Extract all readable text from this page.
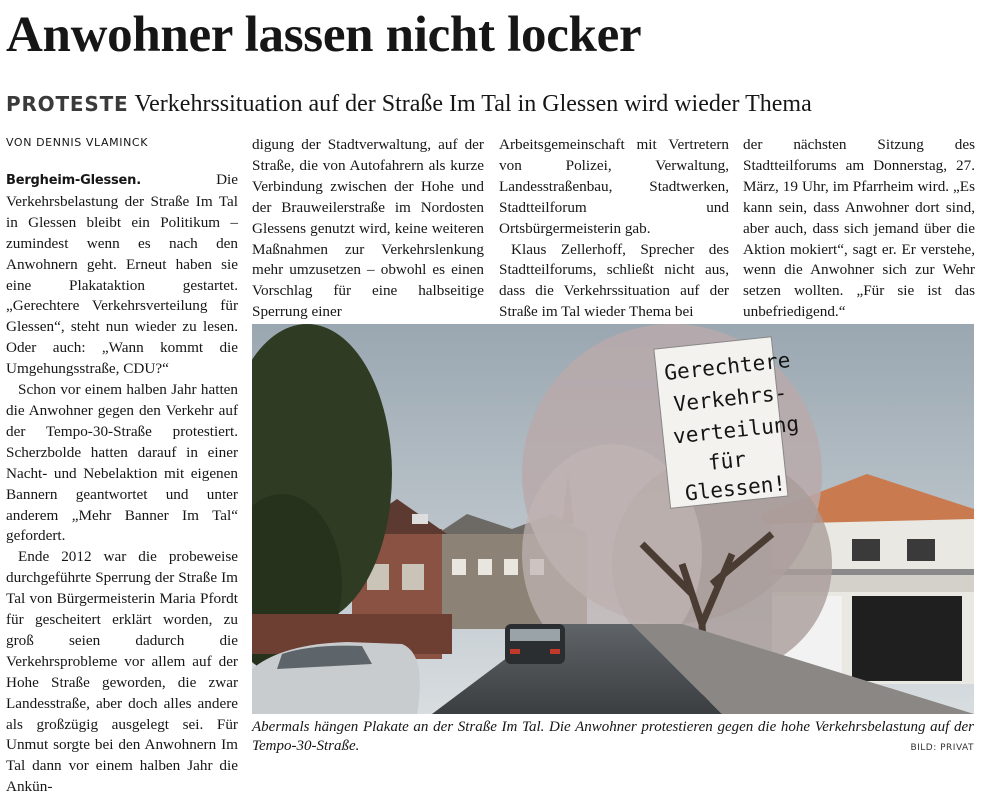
Anwohner lassen nicht locker
PROTESTE Verkehrssituation auf der Straße Im Tal in Glessen wird wieder Thema
VON DENNIS VLAMINCK

Bergheim-Glessen.	Die Verkehrsbelastung der Straße Im Tal in Glessen bleibt ein Politikum – zumindest wenn es nach den Anwohnern geht. Erneut haben sie eine Plakataktion gestartet. „Gerechtere Verkehrsverteilung für Glessen“, steht nun wieder zu lesen. Oder auch: „Wann kommt die Umgehungsstraße, CDU?“

Schon vor einem halben Jahr hatten die Anwohner gegen den Verkehr auf der Tempo-30-Straße protestiert. Scherzbolde hatten darauf in einer Nacht- und Nebelaktion mit eigenen Bannern geantwortet und unter anderem „Mehr Banner Im Tal“ gefordert.

Ende 2012 war die probeweise durchgeführte Sperrung der Straße Im Tal von Bürgermeisterin Maria Pfordt für gescheitert erklärt worden, zu groß seien dadurch die Verkehrsprobleme vor allem auf der Hohe Straße geworden, die zwar Landesstraße, aber doch alles andere als großzügig ausgelegt sei. Für Unmut sorgte bei den Anwohnern Im Tal dann vor einem halben Jahr die Ankün-

digung der Stadtverwaltung, auf der Straße, die von Autofahrern als kurze Verbindung zwischen der Hohe und der Brauweilerstraße im Nordosten Glessens genutzt wird, keine weiteren Maßnahmen zur Verkehrslenkung mehr umzusetzen – obwohl es einen Vorschlag für eine halbseitige Sperrung einer

Arbeitsgemeinschaft mit Vertretern von Polizei, Verwaltung, Landesstraßenbau, Stadtwerken, Stadtteilforum und Ortsbürgermeisterin gab.

Klaus Zellerhoff, Sprecher des Stadtteilforums, schließt nicht aus, dass die Verkehrssituation auf der Straße im Tal wieder Thema bei

der nächsten Sitzung des Stadtteilforums am Donnerstag, 27. März, 19 Uhr, im Pfarrheim wird. „Es kann sein, dass Anwohner dort sind, aber auch, dass sich jemand über die Aktion mokiert“, sagt er. Er verstehe, wenn die Anwohner sich zur Wehr setzen wollten. „Für sie ist das unbefriedigend.“

Gerechtere
Verkehrs-
verteilung
für
Glessen!

Abermals hängen Plakate an der Straße Im Tal. Die Anwohner protestieren gegen die hohe Verkehrsbelastung auf der Tempo-30-Straße.	BILD: PRIVAT
